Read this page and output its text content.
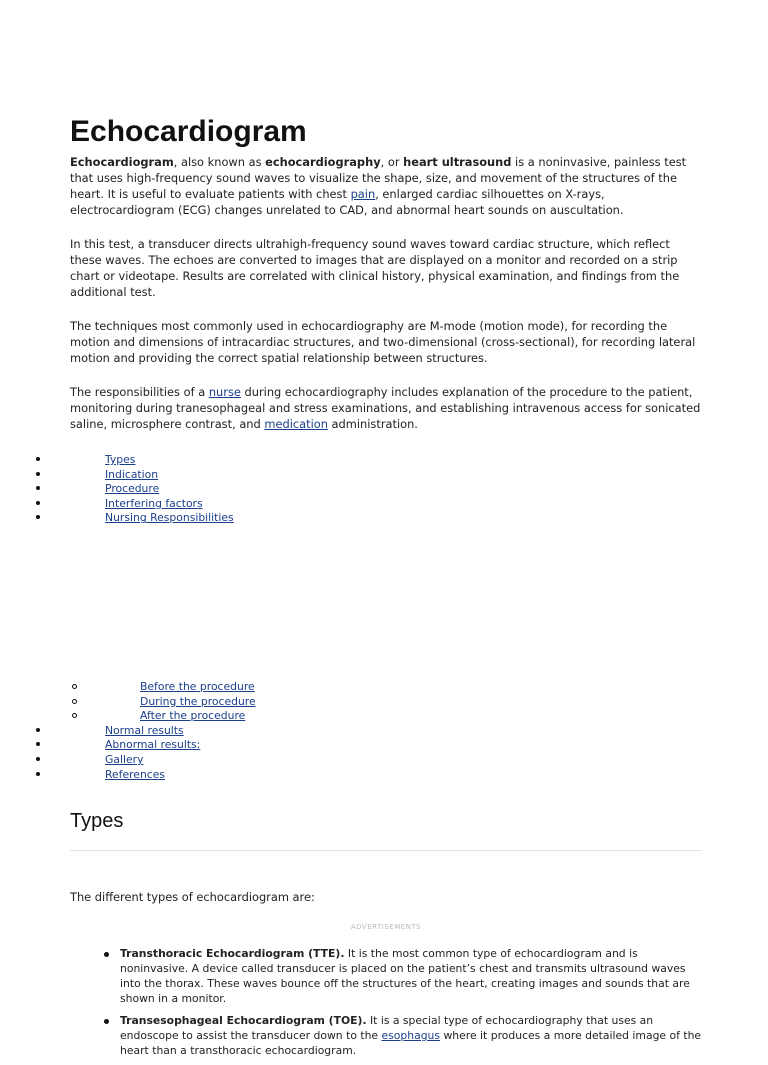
Echocardiogram

Echocardiogram, also known as echocardiography, or heart ultrasound is a noninvasive, painless test that uses high-frequency sound waves to visualize the shape, size, and movement of the structures of the heart. It is useful to evaluate patients with chest pain, enlarged cardiac silhouettes on X-rays, electrocardiogram (ECG) changes unrelated to CAD, and abnormal heart sounds on auscultation.

In this test, a transducer directs ultrahigh-frequency sound waves toward cardiac structure, which reflect these waves. The echoes are converted to images that are displayed on a monitor and recorded on a strip chart or videotape. Results are correlated with clinical history, physical examination, and findings from the additional test.

The techniques most commonly used in echocardiography are M-mode (motion mode), for recording the motion and dimensions of intracardiac structures, and two-dimensional (cross-sectional), for recording lateral motion and providing the correct spatial relationship between structures.

The responsibilities of a nurse during echocardiography includes explanation of the procedure to the patient, monitoring during tranesophageal and stress examinations, and establishing intravenous access for sonicated saline, microsphere contrast, and medication administration.

Types
Indication
Procedure
Interfering factors
Nursing Responsibilities
Before the procedure
During the procedure
After the procedure
Normal results
Abnormal results:
Gallery
References
Types

The different types of echocardiogram are:

ADVERTISEMENTS
Transthoracic Echocardiogram (TTE). It is the most common type of echocardiogram and is noninvasive. A device called transducer is placed on the patient’s chest and transmits ultrasound waves into the thorax. These waves bounce off the structures of the heart, creating images and sounds that are shown in a monitor.
Transesophageal Echocardiogram (TOE). It is a special type of echocardiography that uses an endoscope to assist the transducer down to the esophagus where it produces a more detailed image of the heart than a transthoracic echocardiogram.
